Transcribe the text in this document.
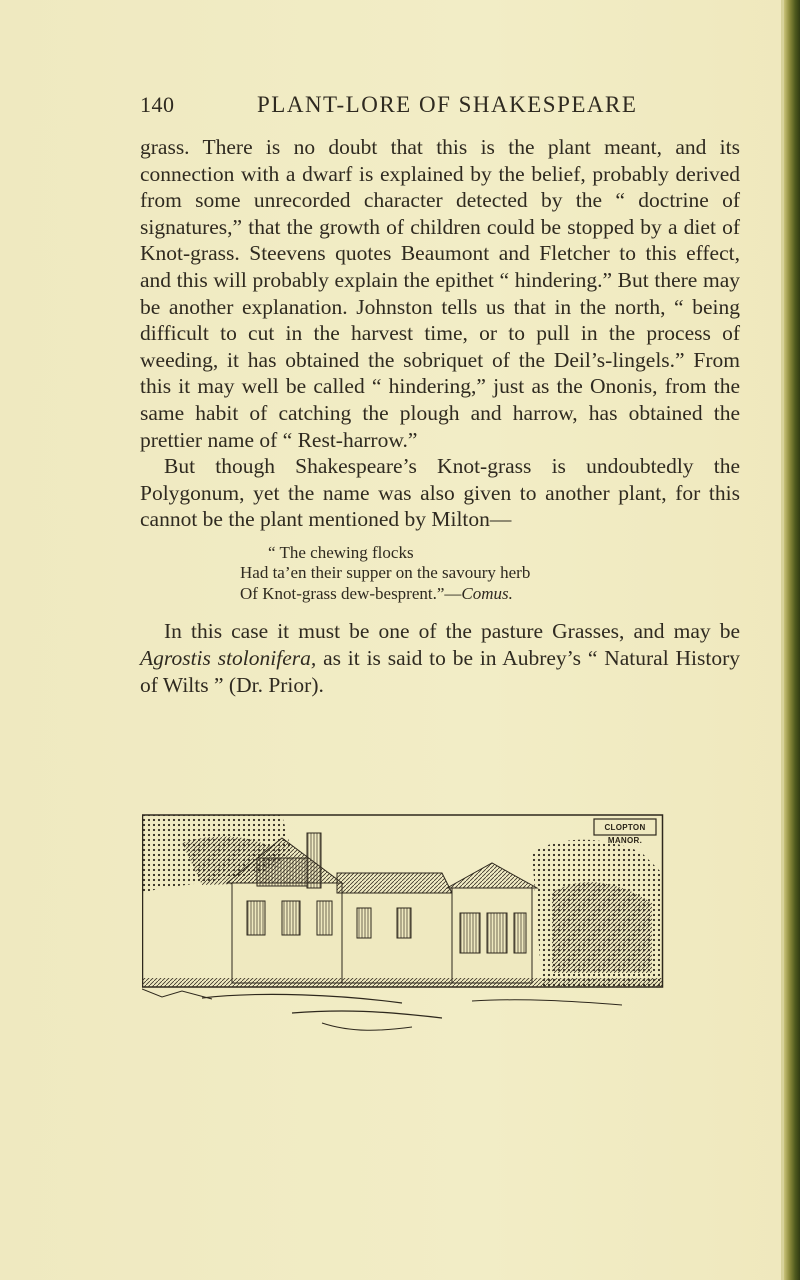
140	PLANT-LORE OF SHAKESPEARE

grass. There is no doubt that this is the plant meant, and its connection with a dwarf is explained by the belief, probably derived from some unrecorded character detected by the “ doctrine of signatures,” that the growth of children could be stopped by a diet of Knot-grass. Steevens quotes Beaumont and Fletcher to this effect, and this will probably explain the epithet “ hindering.” But there may be another explanation. Johnston tells us that in the north, “ being difficult to cut in the harvest time, or to pull in the process of weeding, it has obtained the sobriquet of the Deil’s-lingels.” From this it may well be called “ hindering,” just as the Ononis, from the same habit of catching the plough and harrow, has obtained the prettier name of “ Rest-harrow.”

But though Shakespeare’s Knot-grass is undoubtedly the Polygonum, yet the name was also given to another plant, for this cannot be the plant mentioned by Milton—

“ The chewing flocks
Had ta’en their supper on the savoury herb
Of Knot-grass dew-besprent.”—Comus.

In this case it must be one of the pasture Grasses, and may be Agrostis stolonifera, as it is said to be in Aubrey’s “ Natural History of Wilts ” (Dr. Prior).

CLOPTON MANOR.
